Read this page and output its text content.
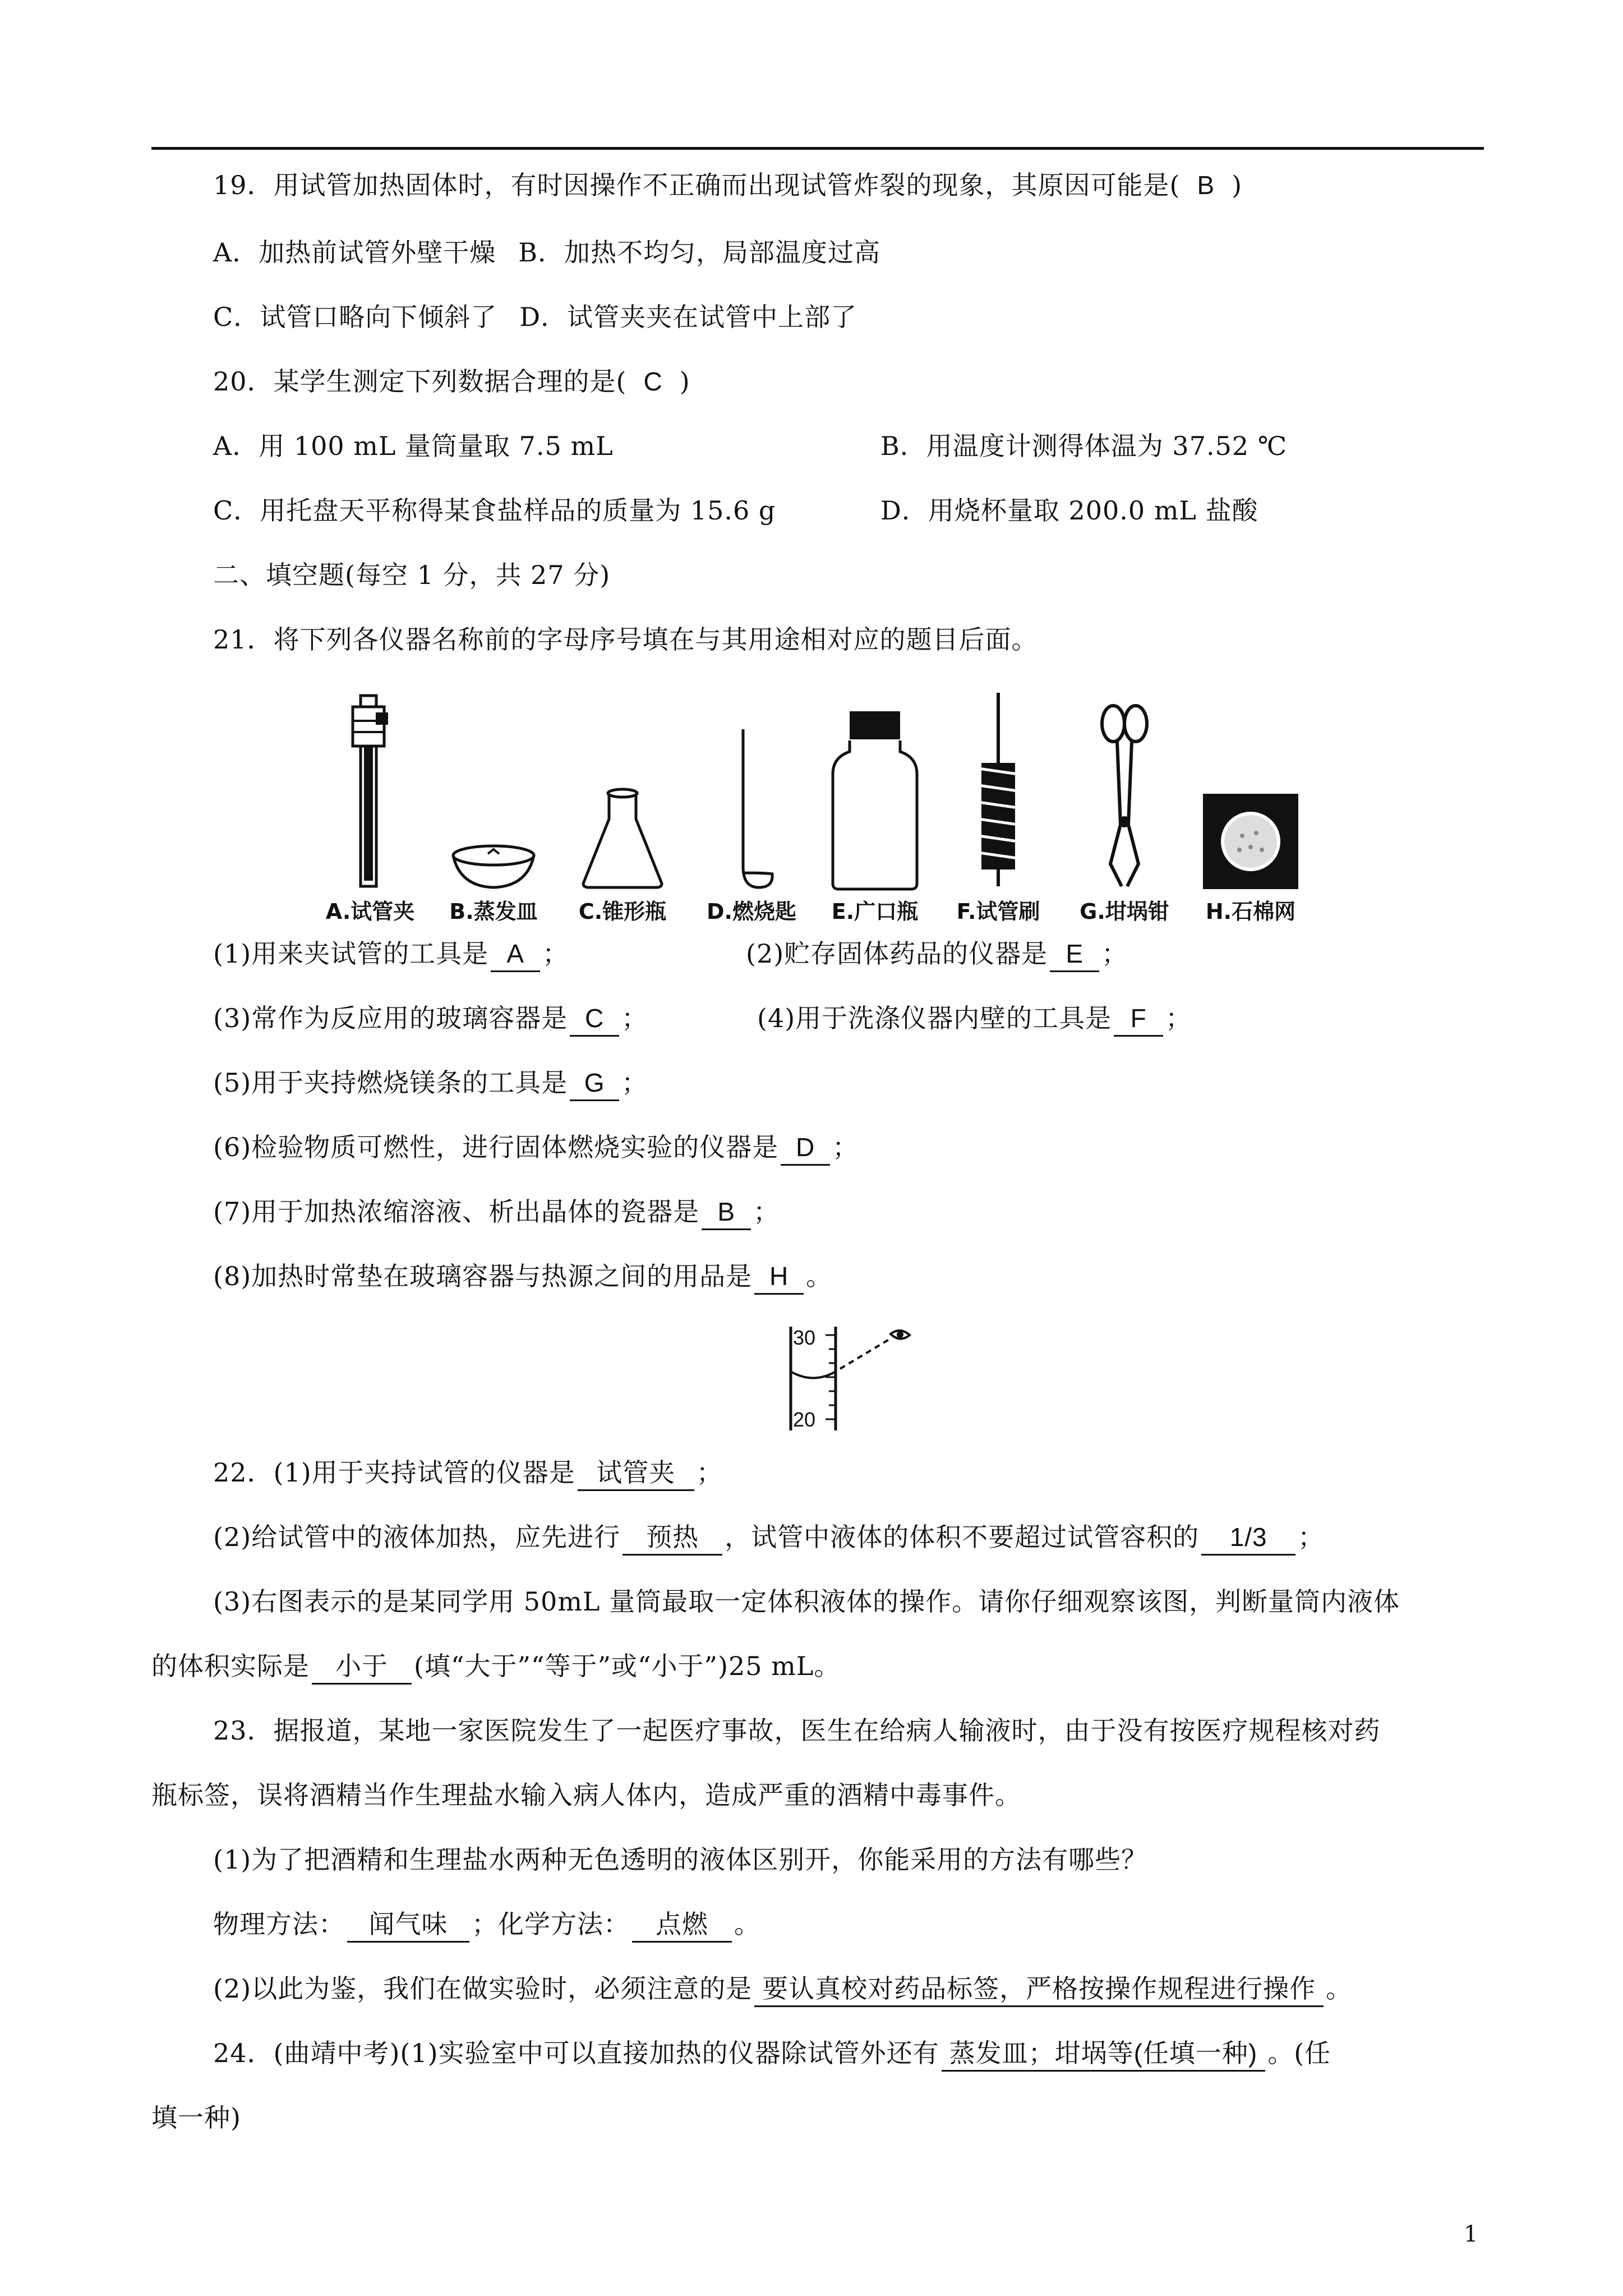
19．用试管加热固体时，有时因操作不正确而出现试管炸裂的现象，其原因可能是( B )
A．加热前试管外壁干燥 B．加热不均匀，局部温度过高
C．试管口略向下倾斜了 D．试管夹夹在试管中上部了
20．某学生测定下列数据合理的是( C )
A．用 100 mL 量筒量取 7.5 mL	B．用温度计测得体温为 37.52 ℃
C．用托盘天平称得某食盐样品的质量为 15.6 g	D．用烧杯量取 200.0 mL 盐酸
二、填空题(每空 1 分，共 27 分)
21．将下列各仪器名称前的字母序号填在与其用途相对应的题目后面。
A.试管夹	B.蒸发皿	C.锥形瓶	D.燃烧匙	E.广口瓶	F.试管刷	G.坩埚钳	H.石棉网
(1)用来夹试管的工具是 A ；	(2)贮存固体药品的仪器是 E ；
(3)常作为反应用的玻璃容器是 C ；	(4)用于洗涤仪器内壁的工具是 F ；
(5)用于夹持燃烧镁条的工具是 G ；
(6)检验物质可燃性，进行固体燃烧实验的仪器是 D ；
(7)用于加热浓缩溶液、析出晶体的瓷器是 B ；
(8)加热时常垫在玻璃容器与热源之间的用品是 H 。
30
20
22．(1)用于夹持试管的仪器是 试管夹 ；
(2)给试管中的液体加热，应先进行 预热 ，试管中液体的体积不要超过试管容积的 1/3 ；
(3)右图表示的是某同学用 50mL 量筒最取一定体积液体的操作。请你仔细观察该图，判断量筒内液体
的体积实际是 小于 (填“大于”“等于”或“小于”)25 mL。
23．据报道，某地一家医院发生了一起医疗事故，医生在给病人输液时，由于没有按医疗规程核对药
瓶标签，误将酒精当作生理盐水输入病人体内，造成严重的酒精中毒事件。
(1)为了把酒精和生理盐水两种无色透明的液体区别开，你能采用的方法有哪些？
物理方法： 闻气味 ；化学方法： 点燃 。
(2)以此为鉴，我们在做实验时，必须注意的是 要认真校对药品标签，严格按操作规程进行操作 。
24．(曲靖中考)(1)实验室中可以直接加热的仪器除试管外还有 蒸发皿；坩埚等(任填一种) 。(任
填一种)
1
